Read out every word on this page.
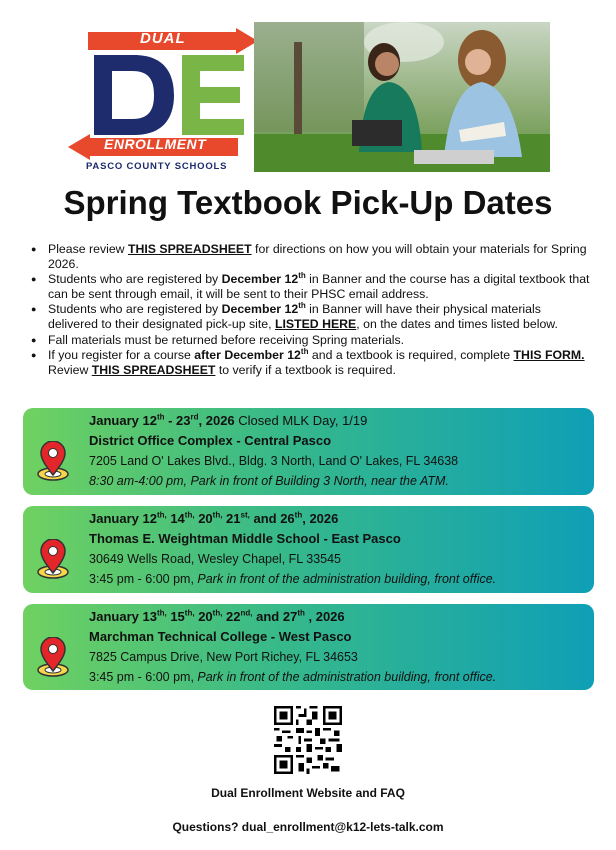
DUAL
ENROLLMENT
PASCO COUNTY SCHOOLS
Spring Textbook Pick-Up Dates
● Please review THIS SPREADSHEET for directions on how you will obtain your materials for Spring 2026.
● Students who are registered by December 12th in Banner and the course has a digital textbook that can be sent through email, it will be sent to their PHSC email address.
● Students who are registered by December 12th in Banner will have their physical materials delivered to their designated pick-up site, LISTED HERE, on the dates and times listed below.
● Fall materials must be returned before receiving Spring materials.
● If you register for a course after December 12th and a textbook is required, complete THIS FORM. Review THIS SPREADSHEET to verify if a textbook is required.
January 12th - 23rd, 2026 Closed MLK Day, 1/19
District Office Complex - Central Pasco
7205 Land O' Lakes Blvd., Bldg. 3 North, Land O' Lakes, FL 34638
8:30 am-4:00 pm, Park in front of Building 3 North, near the ATM.
January $12^{th,}$ $14^{th,}$ $20^{th,}$ $21^{st,}$ and 26th, 2026
Thomas E. Weightman Middle School - East Pasco
30649 Wells Road, Wesley Chapel, FL 33545
3:45 pm - 6:00 pm, Park in front of the administration building, front office.
January $13^{th,}$ $15^{th,}$ $20^{th,}$ $22^{nd,}$ and 27th , 2026
Marchman Technical College - West Pasco
7825 Campus Drive, New Port Richey, FL 34653
3:45 pm - 6:00 pm, Park in front of the administration building, front office.
Dual Enrollment Website and FAQ
Questions? dual_enrollment@k12-lets-talk.com
